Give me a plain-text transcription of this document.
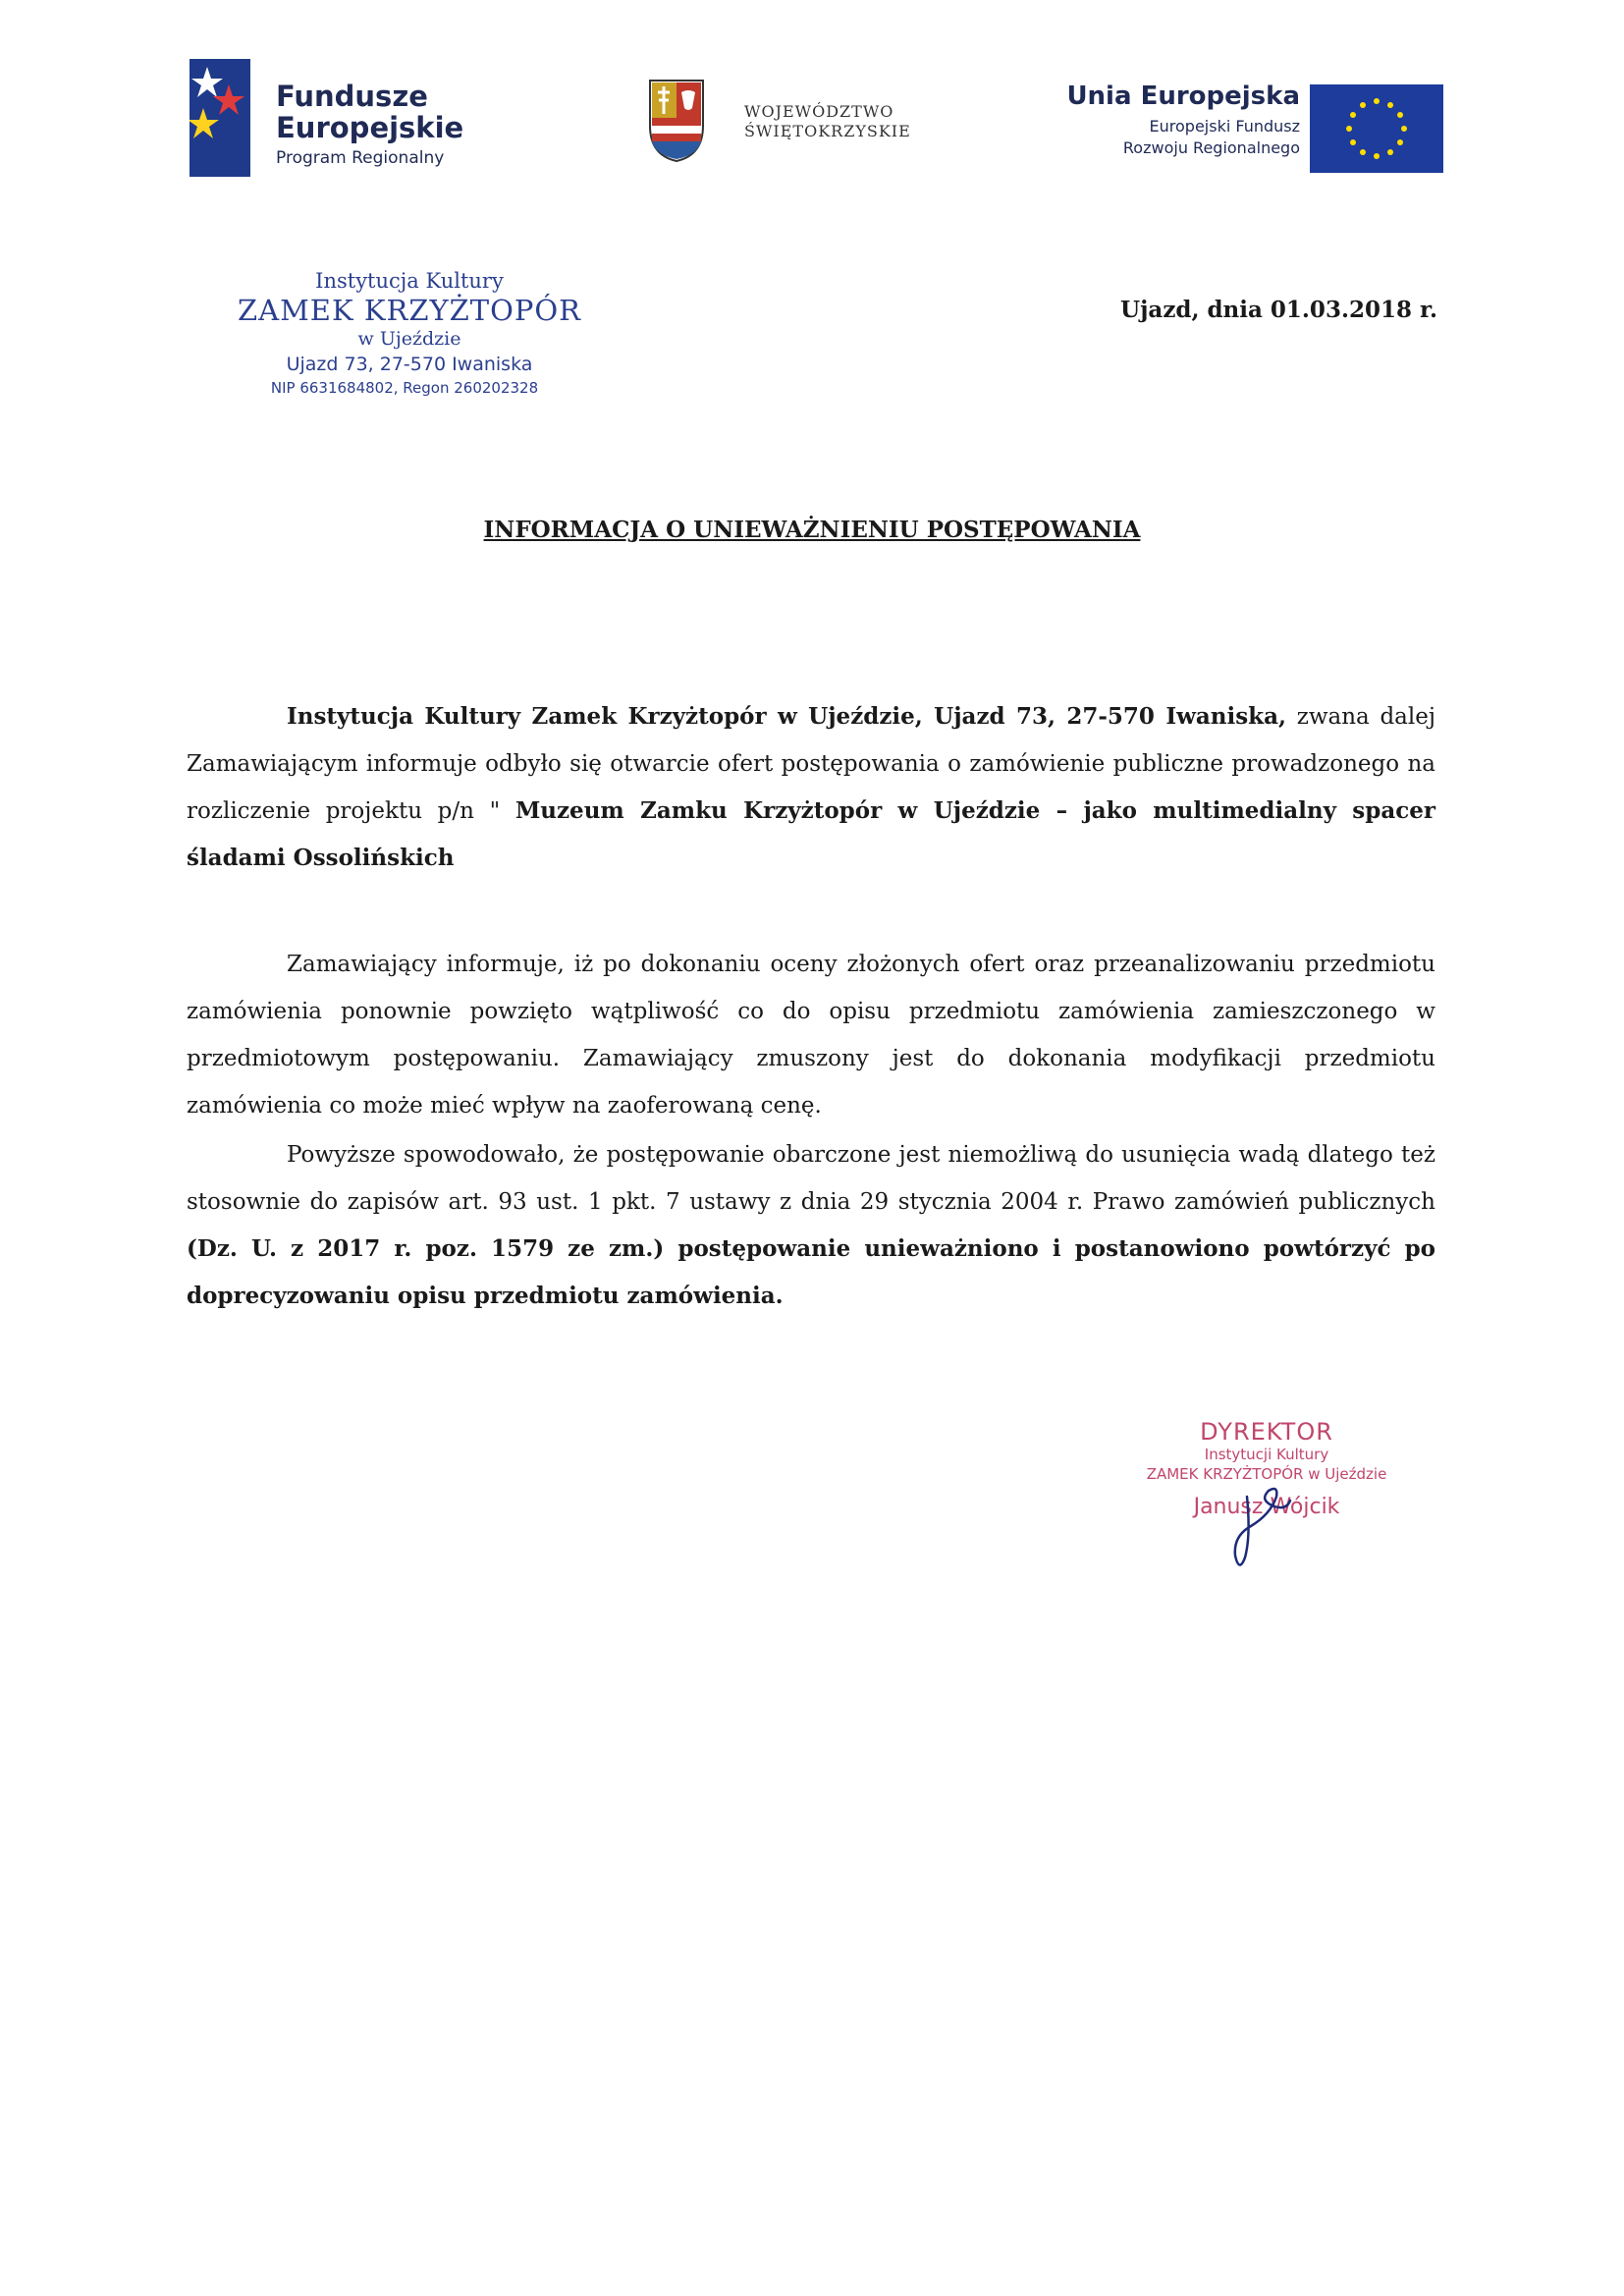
Fundusze
Europejskie
Program Regionalny
WOJEWÓDZTWO
ŚWIĘTOKRZYSKIE
Unia Europejska
Europejski Fundusz
Rozwoju Regionalnego
Instytucja Kultury
ZAMEK KRZYŻTOPÓR
w Ujeździe
Ujazd 73, 27-570 Iwaniska
NIP 6631684802, Regon 260202328
Ujazd, dnia 01.03.2018 r.
INFORMACJA O UNIEWAŻNIENIU POSTĘPOWANIA
Instytucja Kultury Zamek Krzyżtopór w Ujeździe, Ujazd 73, 27-570 Iwaniska, zwana dalej Zamawiającym informuje odbyło się otwarcie ofert postępowania o zamówienie publiczne prowadzonego na rozliczenie projektu p/n " Muzeum Zamku Krzyżtopór w Ujeździe – jako multimedialny spacer śladami Ossolińskich
Zamawiający informuje, iż po dokonaniu oceny złożonych ofert oraz przeanalizowaniu przedmiotu zamówienia ponownie powzięto wątpliwość co do opisu przedmiotu zamówienia zamieszczonego w przedmiotowym postępowaniu. Zamawiający zmuszony jest do dokonania modyfikacji przedmiotu zamówienia co może mieć wpływ na zaoferowaną cenę.
Powyższe spowodowało, że postępowanie obarczone jest niemożliwą do usunięcia wadą dlatego też stosownie do zapisów art. 93 ust. 1 pkt. 7 ustawy z dnia 29 stycznia 2004 r. Prawo zamówień publicznych (Dz. U. z 2017 r. poz. 1579 ze zm.) postępowanie unieważniono i postanowiono powtórzyć po doprecyzowaniu opisu przedmiotu zamówienia.
DYREKTOR
Instytucji Kultury
ZAMEK KRZYŻTOPÓR w Ujeździe
Janusz Wójcik
